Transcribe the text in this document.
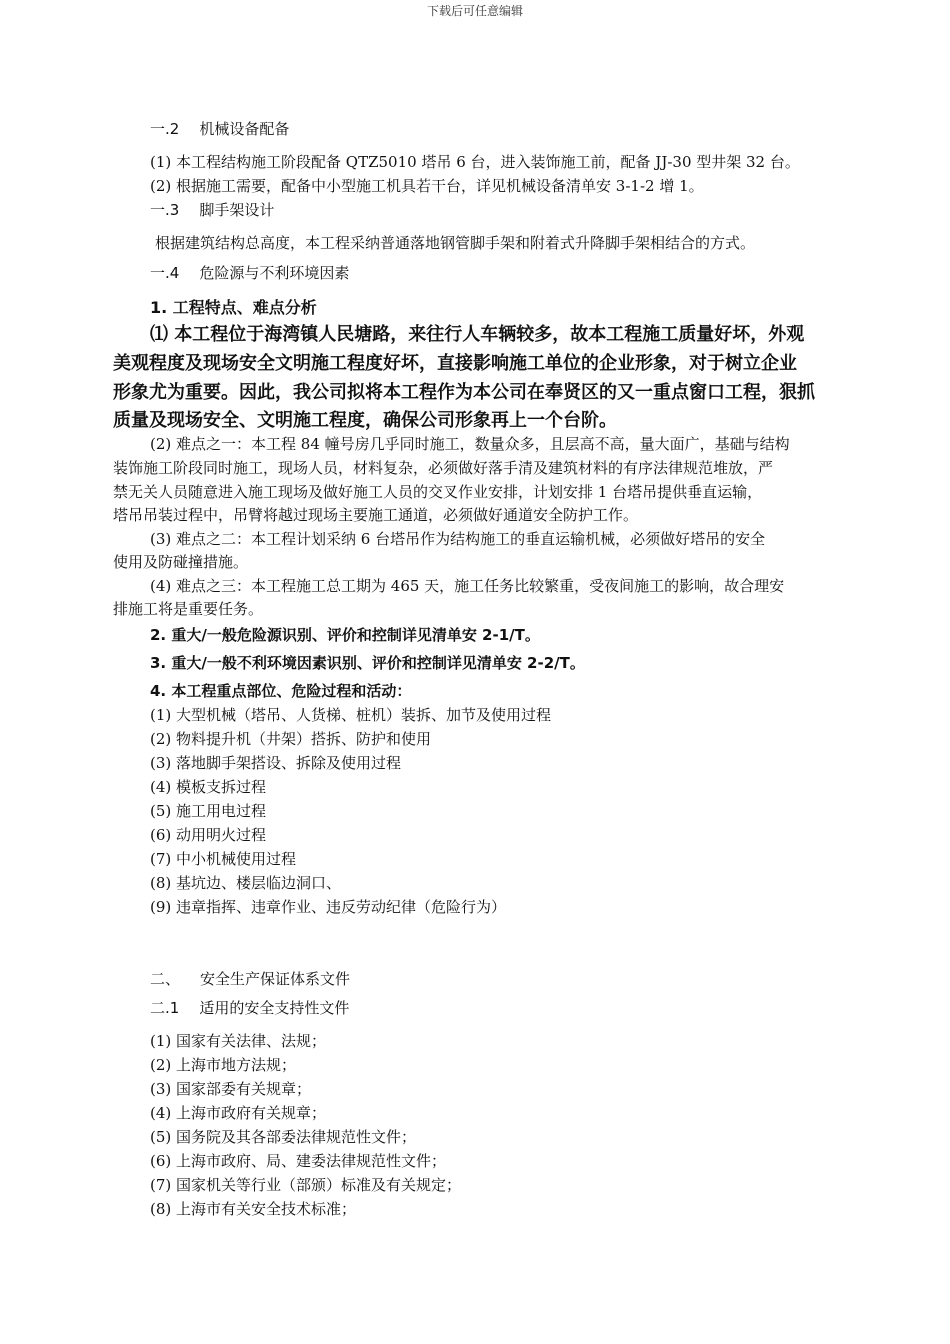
下载后可任意编辑
一.2 机械设备配备
(1) 本工程结构施工阶段配备 QTZ5010 塔吊 6 台，进入装饰施工前，配备 JJ-30 型井架 32 台。
(2) 根据施工需要，配备中小型施工机具若干台，详见机械设备清单安 3-1-2 增 1。
一.3 脚手架设计
根据建筑结构总高度，本工程采纳普通落地钢管脚手架和附着式升降脚手架相结合的方式。
一.4 危险源与不利环境因素
1. 工程特点、难点分析
⑴ 本工程位于海湾镇人民塘路，来往行人车辆较多，故本工程施工质量好坏，外观
美观程度及现场安全文明施工程度好坏，直接影响施工单位的企业形象，对于树立企业
形象尤为重要。因此，我公司拟将本工程作为本公司在奉贤区的又一重点窗口工程，狠抓
质量及现场安全、文明施工程度，确保公司形象再上一个台阶。
(2) 难点之一：本工程 84 幢号房几乎同时施工，数量众多，且层高不高，量大面广，基础与结构
装饰施工阶段同时施工，现场人员，材料复杂，必须做好落手清及建筑材料的有序法律规范堆放，严
禁无关人员随意进入施工现场及做好施工人员的交叉作业安排，计划安排 1 台塔吊提供垂直运输，
塔吊吊装过程中，吊臂将越过现场主要施工通道，必须做好通道安全防护工作。
(3) 难点之二：本工程计划采纳 6 台塔吊作为结构施工的垂直运输机械，必须做好塔吊的安全
使用及防碰撞措施。
(4) 难点之三：本工程施工总工期为 465 天，施工任务比较繁重，受夜间施工的影响，故合理安
排施工将是重要任务。
2. 重大/一般危险源识别、评价和控制详见清单安 2-1/T。
3. 重大/一般不利环境因素识别、评价和控制详见清单安 2-2/T。
4. 本工程重点部位、危险过程和活动：
(1) 大型机械（塔吊、人货梯、桩机）装拆、加节及使用过程
(2) 物料提升机（井架）搭拆、防护和使用
(3) 落地脚手架搭设、拆除及使用过程
(4) 模板支拆过程
(5) 施工用电过程
(6) 动用明火过程
(7) 中小机械使用过程
(8) 基坑边、楼层临边洞口、
(9) 违章指挥、违章作业、违反劳动纪律（危险行为）
二、 安全生产保证体系文件
二.1 适用的安全支持性文件
(1) 国家有关法律、法规；
(2) 上海市地方法规；
(3) 国家部委有关规章；
(4) 上海市政府有关规章；
(5) 国务院及其各部委法律规范性文件；
(6) 上海市政府、局、建委法律规范性文件；
(7) 国家机关等行业（部颁）标准及有关规定；
(8) 上海市有关安全技术标准；
